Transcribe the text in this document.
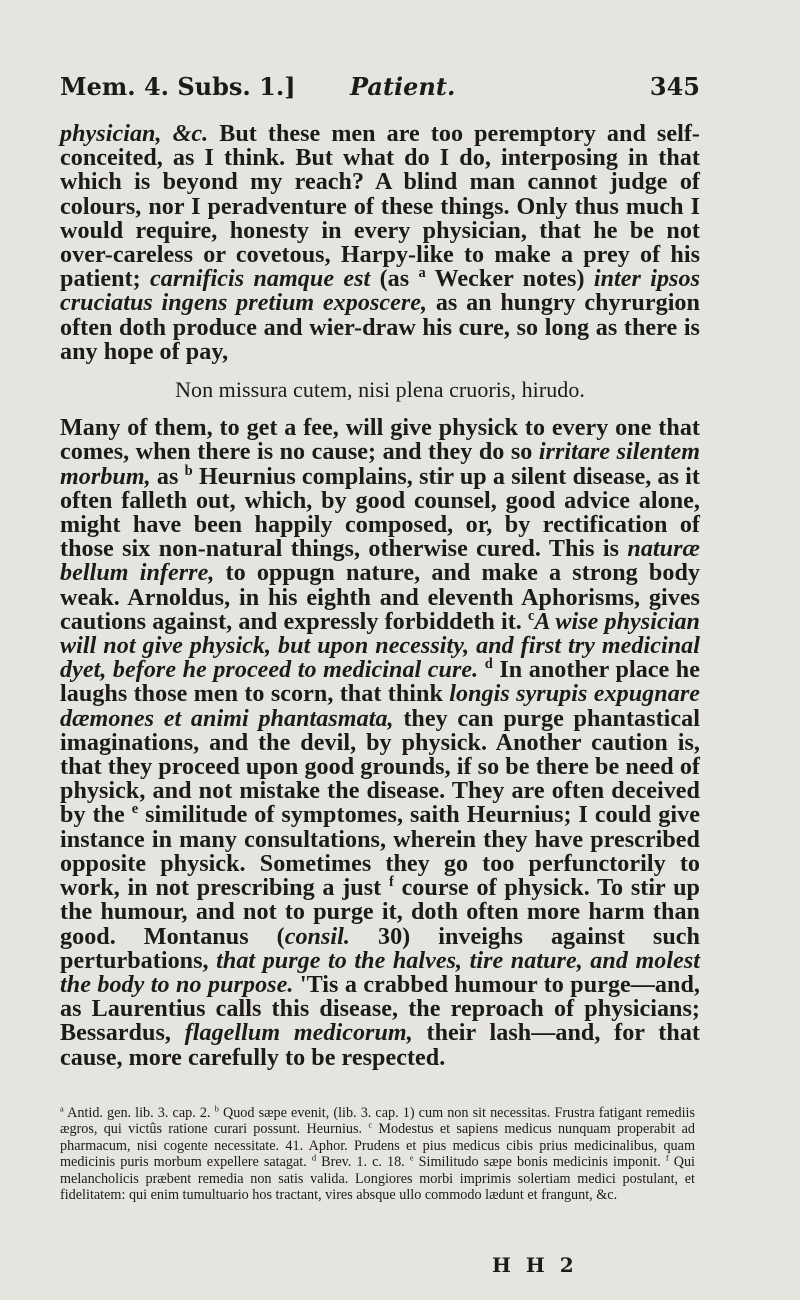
Mem. 4. Subs. 1.] Patient.	345

physician, &c. But these men are too peremptory and self-conceited, as I think. But what do I do, interposing in that which is beyond my reach? A blind man cannot judge of colours, nor I peradventure of these things. Only thus much I would require, honesty in every physician, that he be not over-careless or covetous, Harpy-like to make a prey of his patient; carnificis namque est (as $^a$ Wecker notes) inter ipsos cruciatus ingens pretium exposcere, as an hungry chyrurgion often doth produce and wier-draw his cure, so long as there is any hope of pay,

Non missura cutem, nisi plena cruoris, hirudo.

Many of them, to get a fee, will give physick to every one that comes, when there is no cause; and they do so irritare silentem morbum, as $^b$ Heurnius complains, stir up a silent disease, as it often falleth out, which, by good counsel, good advice alone, might have been happily composed, or, by rectification of those six non-natural things, otherwise cured. This is naturæ bellum inferre, to oppugn nature, and make a strong body weak. Arnoldus, in his eighth and eleventh Aphorisms, gives cautions against, and expressly forbiddeth it. $^c$A wise physician will not give physick, but upon necessity, and first try medicinal dyet, before he proceed to medicinal cure. $^d$ In another place he laughs those men to scorn, that think longis syrupis expugnare dæmones et animi phantasmata, they can purge phantastical imaginations, and the devil, by physick. Another caution is, that they proceed upon good grounds, if so be there be need of physick, and not mistake the disease. They are often deceived by the $^e$ similitude of symptomes, saith Heurnius; I could give instance in many consultations, wherein they have prescribed opposite physick. Sometimes they go too perfunctorily to work, in not prescribing a just $^f$ course of physick. To stir up the humour, and not to purge it, doth often more harm than good. Montanus (consil. 30) inveighs against such perturbations, that purge to the halves, tire nature, and molest the body to no purpose. 'Tis a crabbed humour to purge—and, as Laurentius calls this disease, the reproach of physicians; Bessardus, flagellum medicorum, their lash—and, for that cause, more carefully to be respected.

$^a$ Antid. gen. lib. 3. cap. 2. $^b$ Quod sæpe evenit, (lib. 3. cap. 1) cum non sit necessitas. Frustra fatigant remediis ægros, qui victûs ratione curari possunt. Heurnius. $^c$ Modestus et sapiens medicus nunquam properabit ad pharmacum, nisi cogente necessitate. 41. Aphor. Prudens et pius medicus cibis prius medicinalibus, quam medicinis puris morbum expellere satagat. $^d$ Brev. 1. c. 18. $^e$ Similitudo sæpe bonis medicinis imponit. $^f$ Qui melancholicis præbent remedia non satis valida. Longiores morbi imprimis solertiam medici postulant, et fidelitatem: qui enim tumultuario hos tractant, vires absque ullo commodo lædunt et frangunt, &c.

H H 2
